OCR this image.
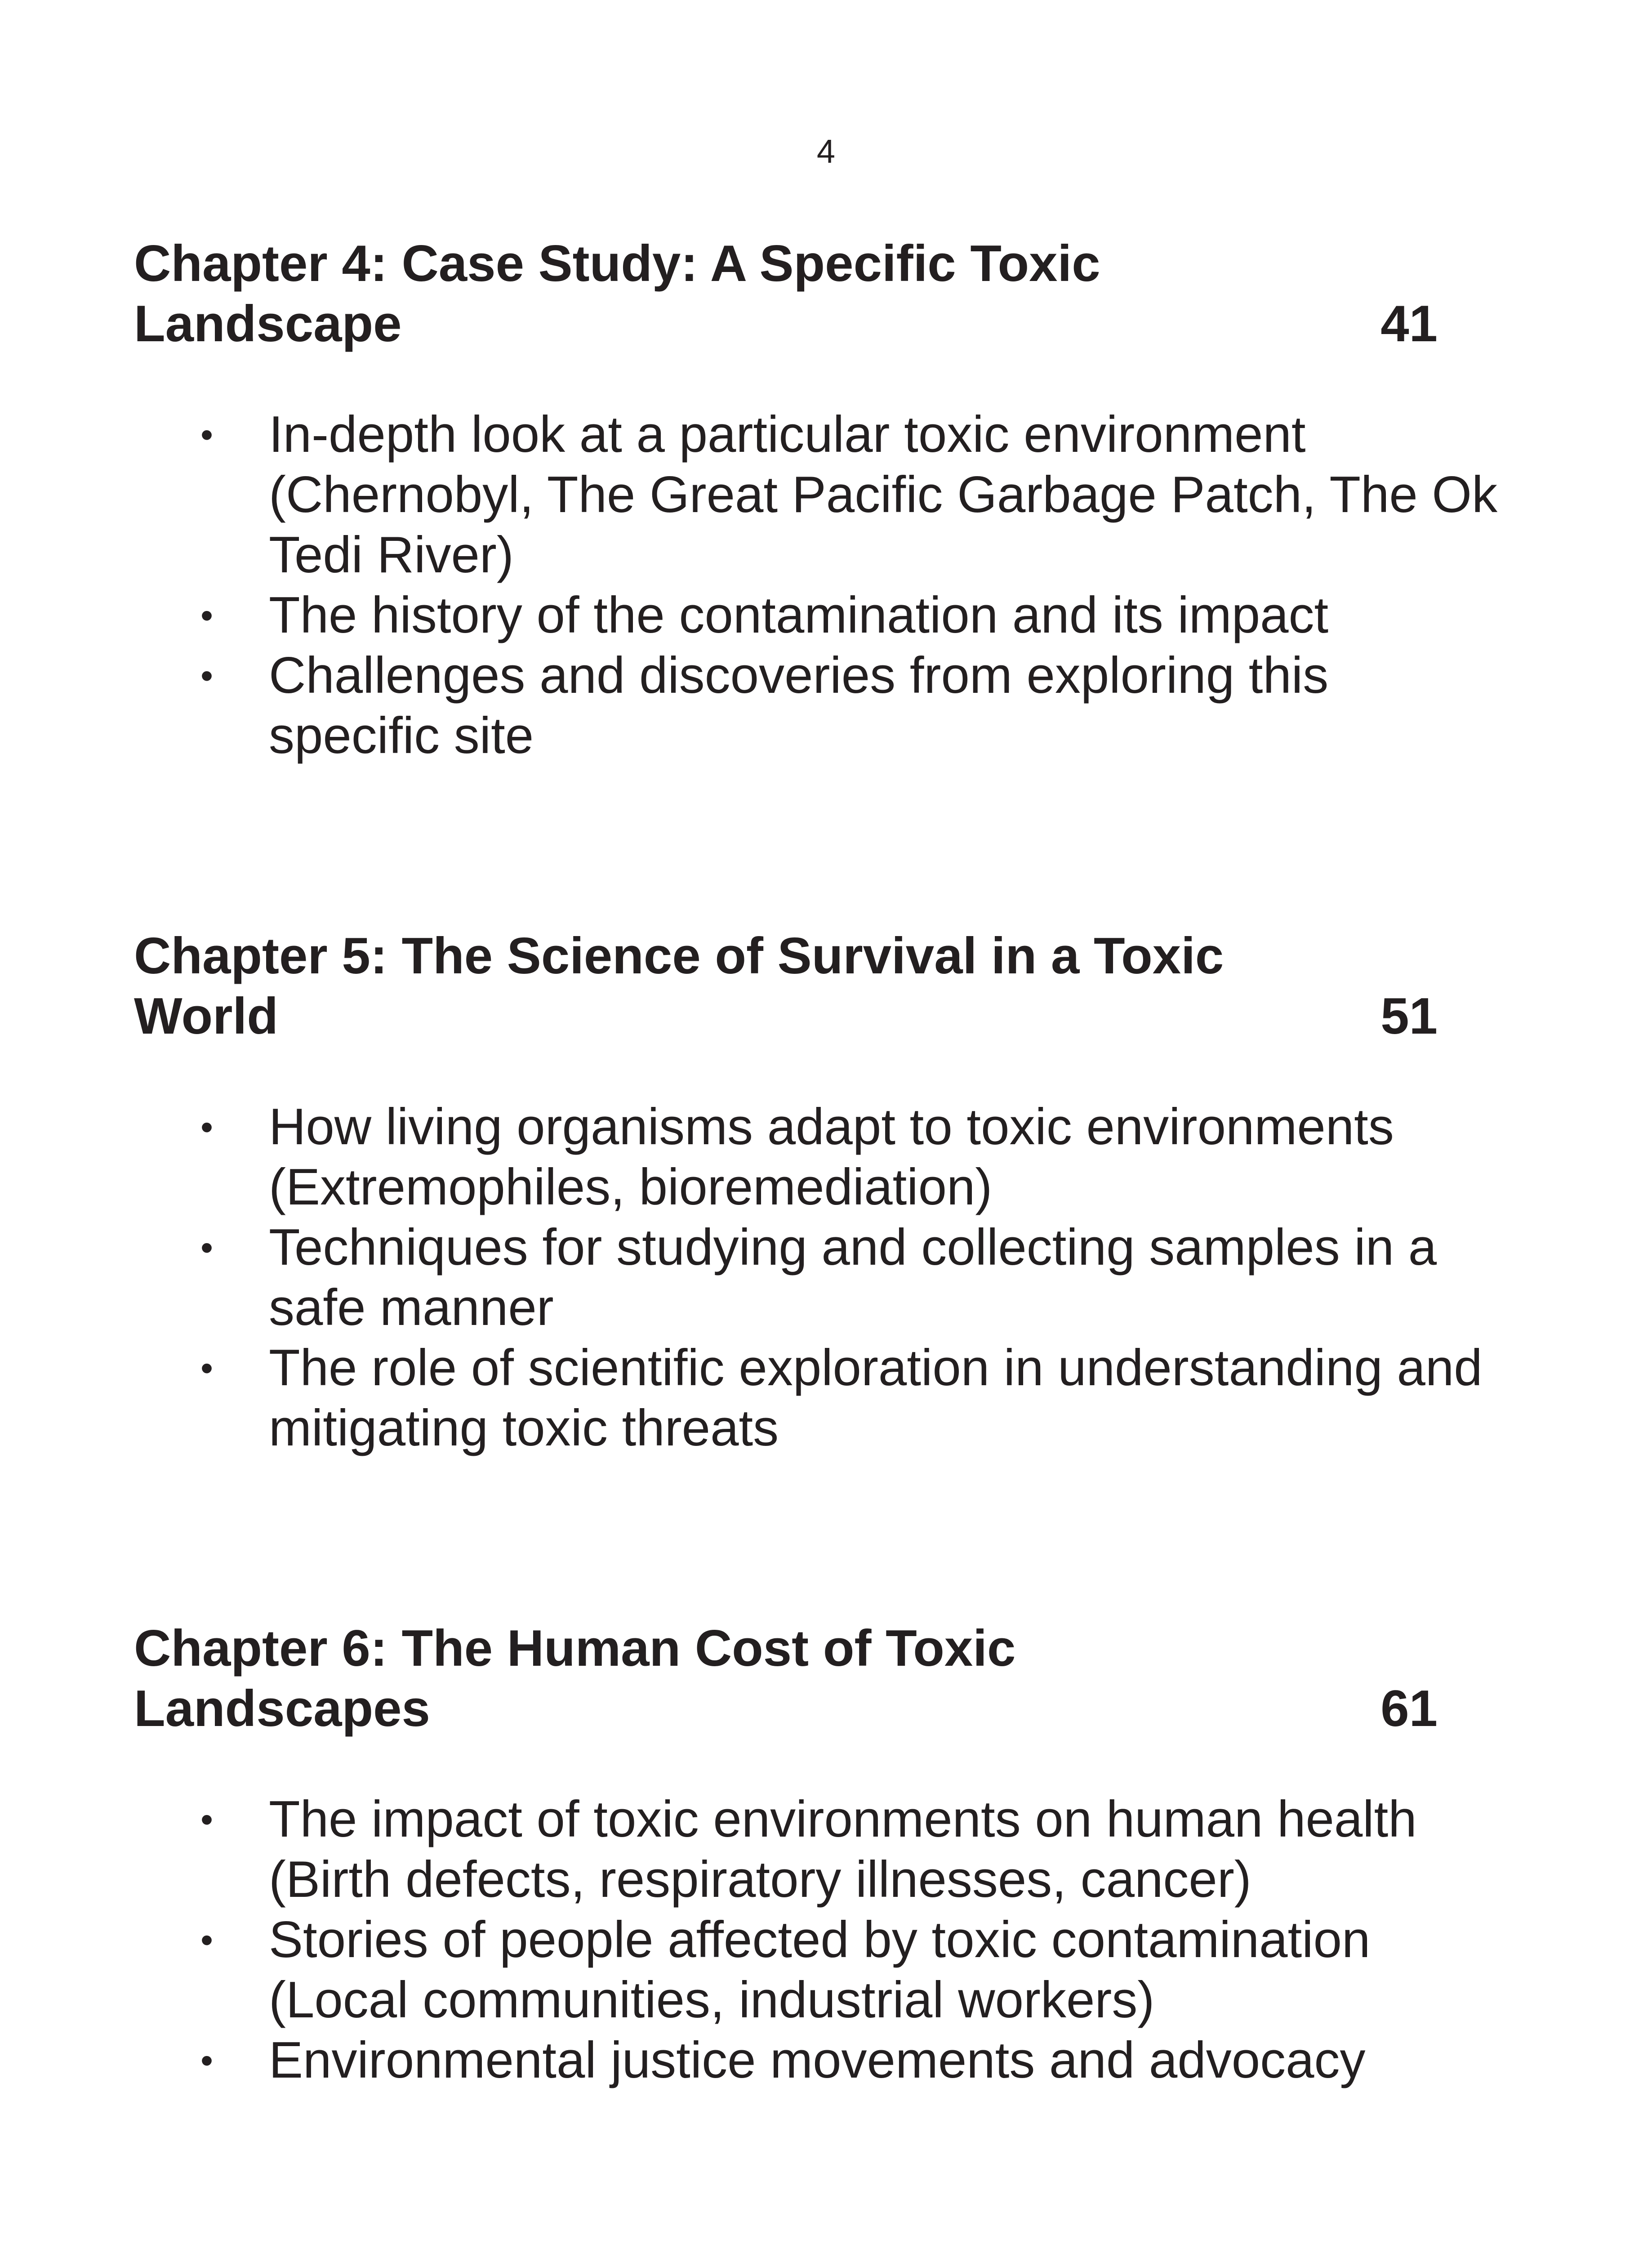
4
Chapter 4: Case Study: A Specific Toxic Landscape	41
• In-depth look at a particular toxic environment (Chernobyl, The Great Pacific Garbage Patch, The Ok Tedi River)
• The history of the contamination and its impact
• Challenges and discoveries from exploring this specific site
Chapter 5: The Science of Survival in a Toxic World	51
• How living organisms adapt to toxic environments (Extremophiles, bioremediation)
• Techniques for studying and collecting samples in a safe manner
• The role of scientific exploration in understanding and mitigating toxic threats
Chapter 6: The Human Cost of Toxic Landscapes	61
• The impact of toxic environments on human health (Birth defects, respiratory illnesses, cancer)
• Stories of people affected by toxic contamination (Local communities, industrial workers)
• Environmental justice movements and advocacy
